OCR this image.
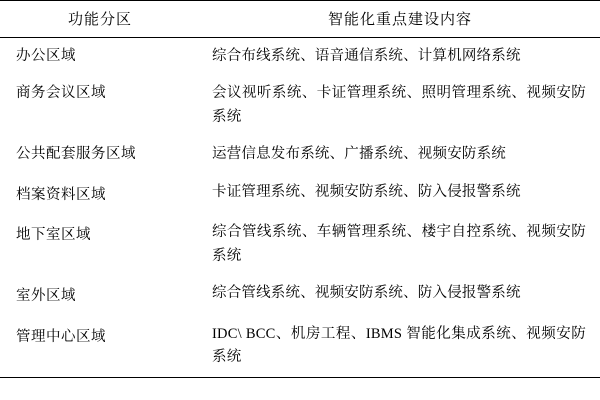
功能分区	智能化重点建设内容

办公区域	综合布线系统、语音通信系统、计算机网络系统

商务会议区域	会议视听系统、卡证管理系统、照明管理系统、视频安防系统

公共配套服务区域	运营信息发布系统、广播系统、视频安防系统

档案资料区域	卡证管理系统、视频安防系统、防入侵报警系统

地下室区域	综合管线系统、车辆管理系统、楼宇自控系统、视频安防系统

室外区域	综合管线系统、视频安防系统、防入侵报警系统

管理中心区域	IDC\ BCC、机房工程、IBMS 智能化集成系统、视频安防系统
